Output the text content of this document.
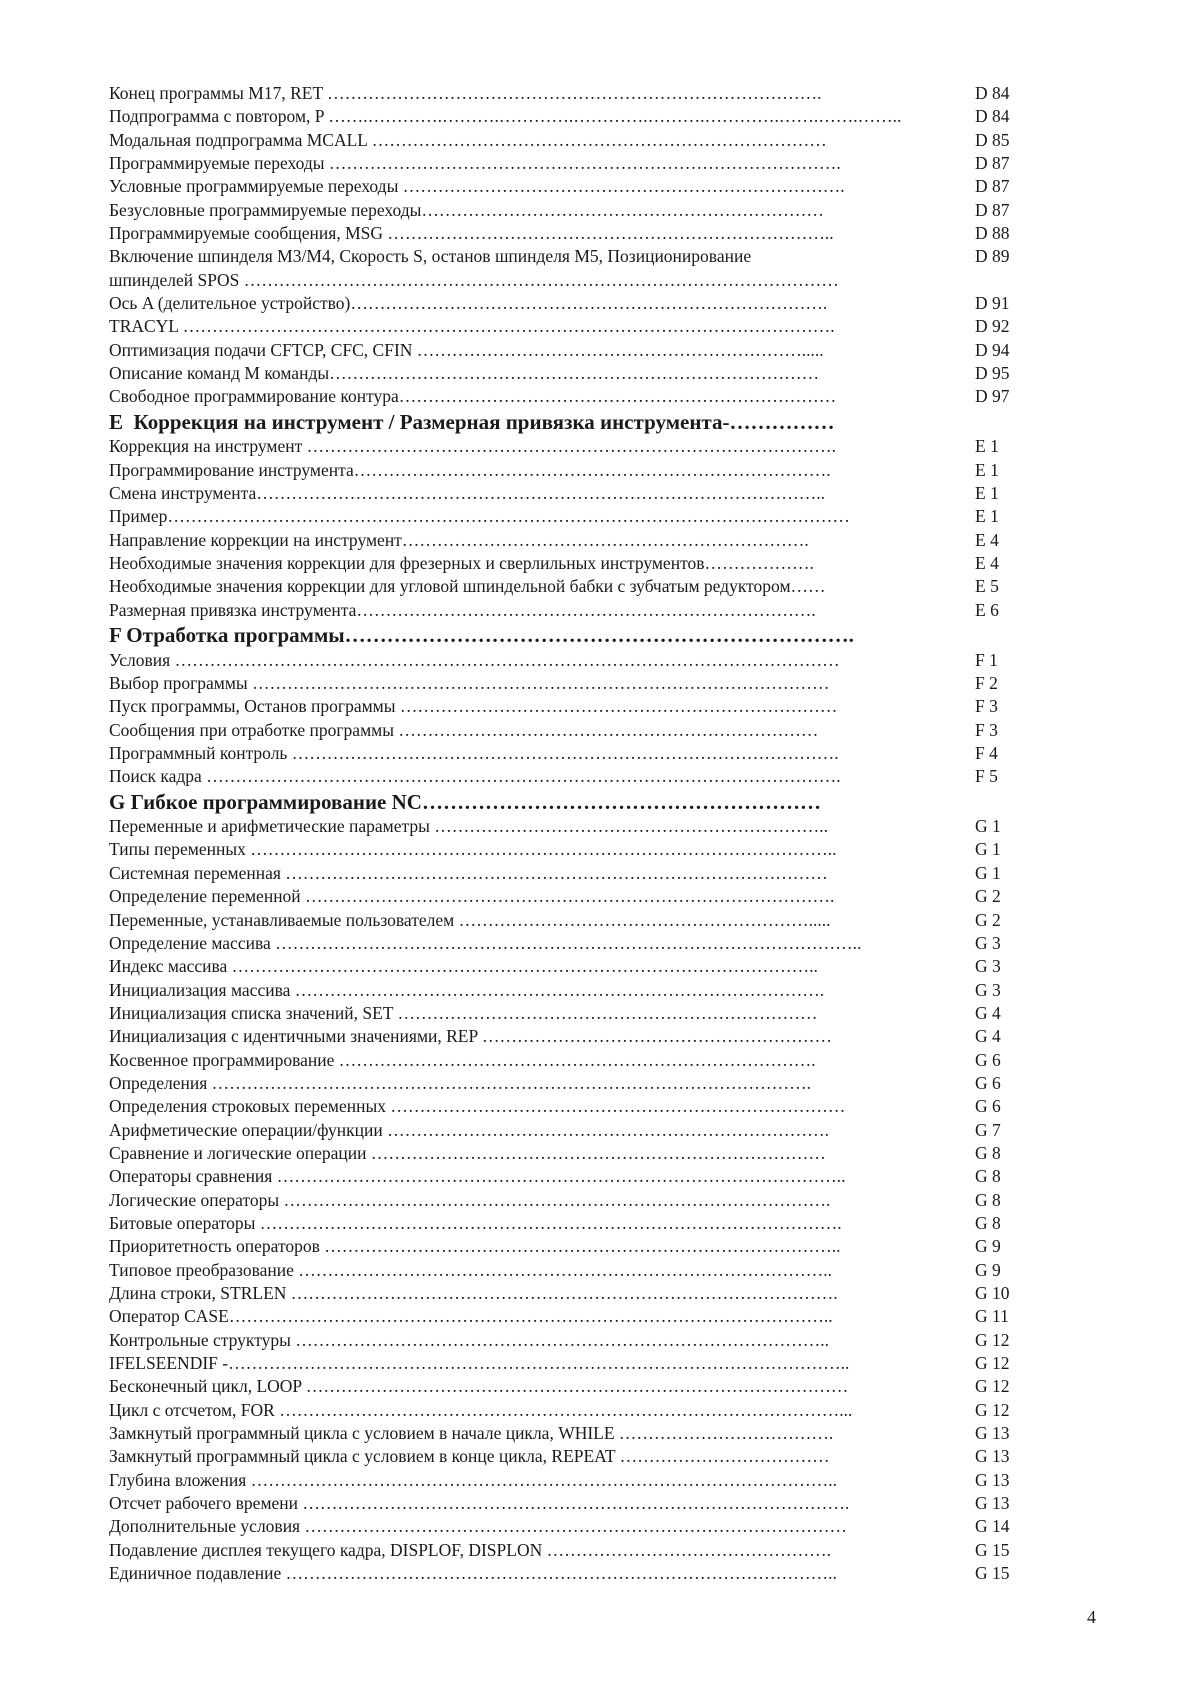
Конец программы M17, RET ………………………………………………………………………….	D 84
Подпрограмма с повтором, P …….………….……….………….………….……….………….…….…….……..	D 84
Модальная подпрограмма MCALL ……………………………………………………………………	D 85
Программируемые переходы …………………………………………………………………………….	D 87
Условные программируемые переходы ………………………………………………………………….	D 87
Безусловные программируемые переходы……………………………………………………………	D 87
Программируемые сообщения, MSG …………………………………………………………………..	D 88
Включение шпинделя M3/M4, Скорость S, останов шпинделя M5, Позиционирование	D 89
шпинделей SPOS …………………………………………………………………………………………
Ось A (делительное устройство)……………………………………………………………………….	D 91
TRACYL ………………………………………………………………………………………………….	D 92
Оптимизация подачи CFTCP, CFC, CFIN ………………………………………………………….....	D 94
Описание команд M команды…………………………………………………………………………	D 95
Свободное программирование контура…………………………………………………………………	D 97
E  Коррекция на инструмент / Размерная привязка инструмента-……………
Коррекция на инструмент ……………………………………………………………………………….	E 1
Программирование инструмента……………………………………………………………………….	E 1
Смена инструмента……………………………………………………………………………………..	E 1
Пример………………………………………………………………………………………………………	E 1
Направление коррекции на инструмент…………………………………………………………….	E 4
Необходимые значения коррекции для фрезерных и сверлильных инструментов……………….	E 4
Необходимые значения коррекции для угловой шпиндельной бабки с зубчатым редуктором……	E 5
Размерная привязка инструмента…………………………………………………………………….	E 6
F Отработка программы……………………………………………………………….
Условия ……………………………………………………………………………………………………	F 1
Выбор программы ………………………………………………………………………………………	F 2
Пуск программы, Останов программы …………………………………………………………………	F 3
Сообщения при отработке программы ………………………………………………………………	F 3
Программный контроль ………………………………………………………………………………….	F 4
Поиск кадра ……………………………………………………………………………………………….	F 5
G Гибкое программирование NC…………………………………………………
Переменные и арифметические параметры …………………………………………………………..	G 1
Типы переменных ………………………………………………………………………………………..	G 1
Системная переменная …………………………………………………………………………………	G 1
Определение переменной ……………………………………………………………………………….	G 2
Переменные, устанавливаемые пользователем …………………………………………………….....	G 2
Определение массива ………………………………………………………………………………………..	G 3
Индекс массива ………………………………………………………………………………………..	G 3
Инициализация массива ……………………………………………………………………………….	G 3
Инициализация списка значений, SET ………………………………………………………………	G 4
Инициализация с идентичными значениями, REP ……………………………………………………	G 4
Косвенное программирование ……………………………………………………………………….	G 6
Определения ………………………………………………………………………………………….	G 6
Определения строковых переменных ……………………………………………………………………	G 6
Арифметические операции/функции ………………………………………………………………….	G 7
Сравнение и логические операции ……………………………………………………………………	G 8
Операторы сравнения ……………………………………………………………………………………..	G 8
Логические операторы ………………………………………………………………………………….	G 8
Битовые операторы ……………………………………………………………………………………….	G 8
Приоритетность операторов ……………………………………………………………………………..	G 9
Типовое преобразование ………………………………………………………………………………..	G 9
Длина строки, STRLEN ………………………………………………………………………………….	G 10
Оператор CASE…………………………………………………………………………………………..	G 11
Контрольные структуры ………………………………………………………………………………..	G 12
IFELSEENDIF -……………………………………………………………………………………………..	G 12
Бесконечный цикл, LOOP …………………………………………………………………………………	G 12
Цикл с отсчетом, FOR ……………………………………………………………………………………...	G 12
Замкнутый программный цикла с условием в начале цикла, WHILE ……………………………….	G 13
Замкнутый программный цикла с условием в конце цикла, REPEAT ………………………………	G 13
Глубина вложения ………………………………………………………………………………………..	G 13
Отсчет рабочего времени ………………………………………………………………………………….	G 13
Дополнительные условия …………………………………………………………………………………	G 14
Подавление дисплея текущего кадра, DISPLOF, DISPLON ………………………………………….	G 15
Единичное подавление …………………………………………………………………………………..	G 15
4
